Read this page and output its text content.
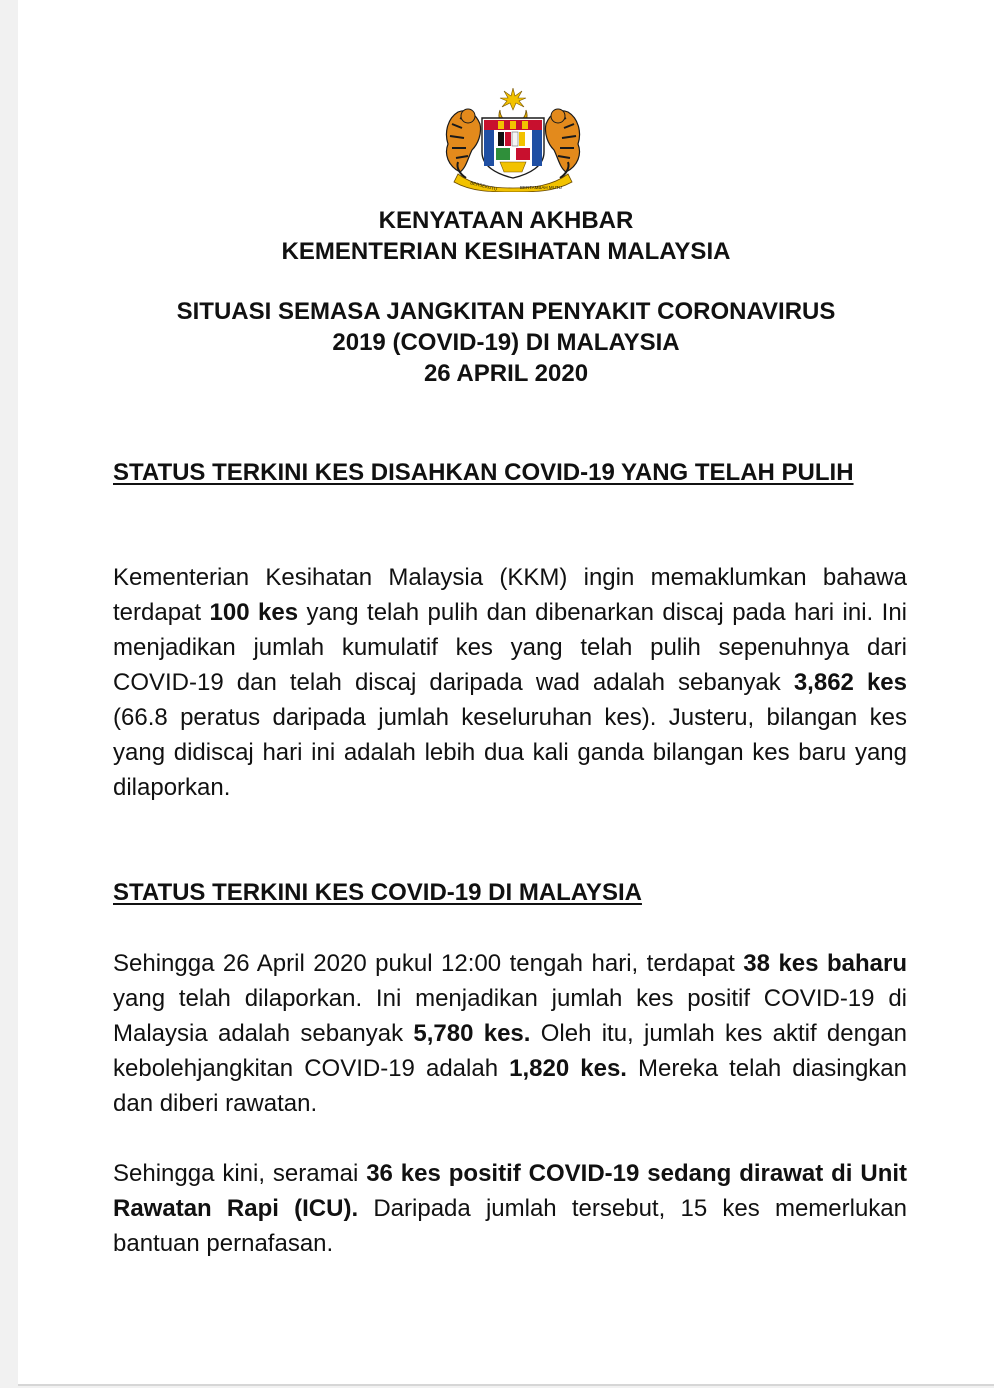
BERSEKUTU	BERTAMBAH MUTU

KENYATAAN AKHBAR

KEMENTERIAN KESIHATAN MALAYSIA

SITUASI SEMASA JANGKITAN PENYAKIT CORONAVIRUS

2019 (COVID-19) DI MALAYSIA

26 APRIL 2020

STATUS TERKINI KES DISAHKAN COVID-19 YANG TELAH PULIH

Kementerian Kesihatan Malaysia (KKM) ingin memaklumkan bahawa terdapat 100 kes yang telah pulih dan dibenarkan discaj pada hari ini. Ini menjadikan jumlah kumulatif kes yang telah pulih sepenuhnya dari COVID-19 dan telah discaj daripada wad adalah sebanyak 3,862 kes (66.8 peratus daripada jumlah keseluruhan kes). Justeru, bilangan kes yang didiscaj hari ini adalah lebih dua kali ganda bilangan kes baru yang dilaporkan.

STATUS TERKINI KES COVID-19 DI MALAYSIA

Sehingga 26 April 2020 pukul 12:00 tengah hari, terdapat 38 kes baharu yang telah dilaporkan. Ini menjadikan jumlah kes positif COVID-19 di Malaysia adalah sebanyak 5,780 kes. Oleh itu, jumlah kes aktif dengan kebolehjangkitan COVID-19 adalah 1,820 kes. Mereka telah diasingkan dan diberi rawatan.

Sehingga kini, seramai 36 kes positif COVID-19 sedang dirawat di Unit Rawatan Rapi (ICU). Daripada jumlah tersebut, 15 kes memerlukan bantuan pernafasan.
